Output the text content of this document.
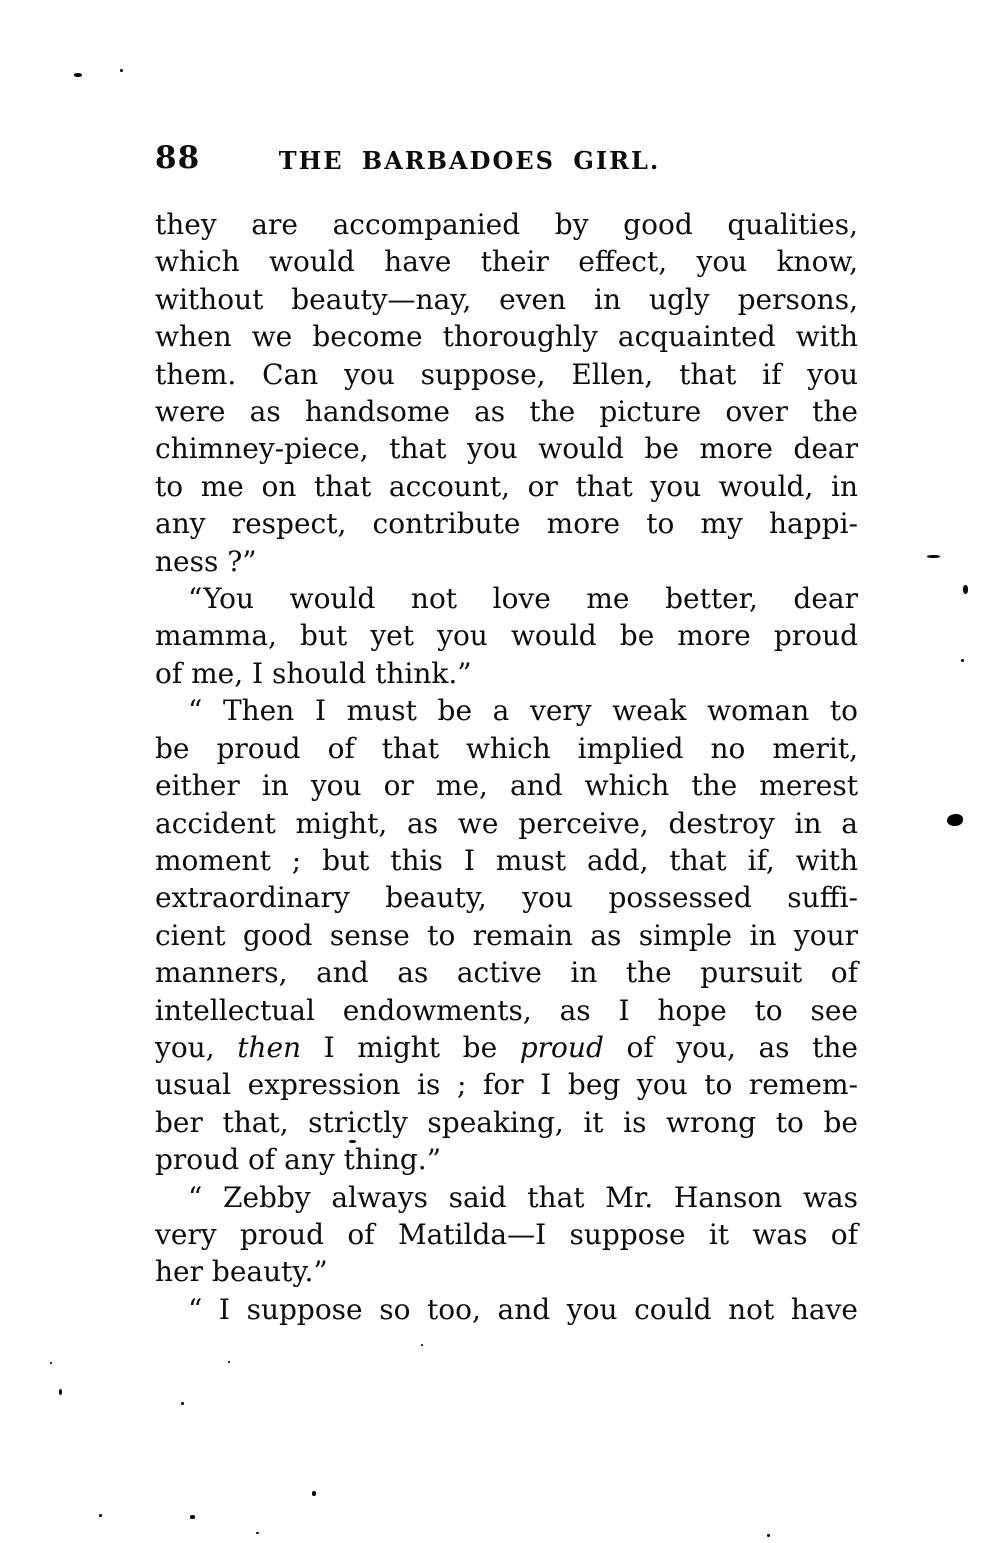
88	THE BARBADOES GIRL.
they are accompanied by good qualities,
which would have their effect, you know,
without beauty—nay, even in ugly persons,
when we become thoroughly acquainted with
them. Can you suppose, Ellen, that if you
were as handsome as the picture over the
chimney-piece, that you would be more dear
to me on that account, or that you would, in
any respect, contribute more to my happi-
ness ?”
“You would not love me better, dear
mamma, but yet you would be more proud
of me, I should think.”
“ Then I must be a very weak woman to
be proud of that which implied no merit,
either in you or me, and which the merest
accident might, as we perceive, destroy in a
moment ; but this I must add, that if, with
extraordinary beauty, you possessed suffi-
cient good sense to remain as simple in your
manners, and as active in the pursuit of
intellectual endowments, as I hope to see
you, then I might be proud of you, as the
usual expression is ; for I beg you to remem-
ber that, strictly speaking, it is wrong to be
proud of any thing.”
“ Zebby always said that Mr. Hanson was
very proud of Matilda—I suppose it was of
her beauty.”
“ I suppose so too, and you could not have
